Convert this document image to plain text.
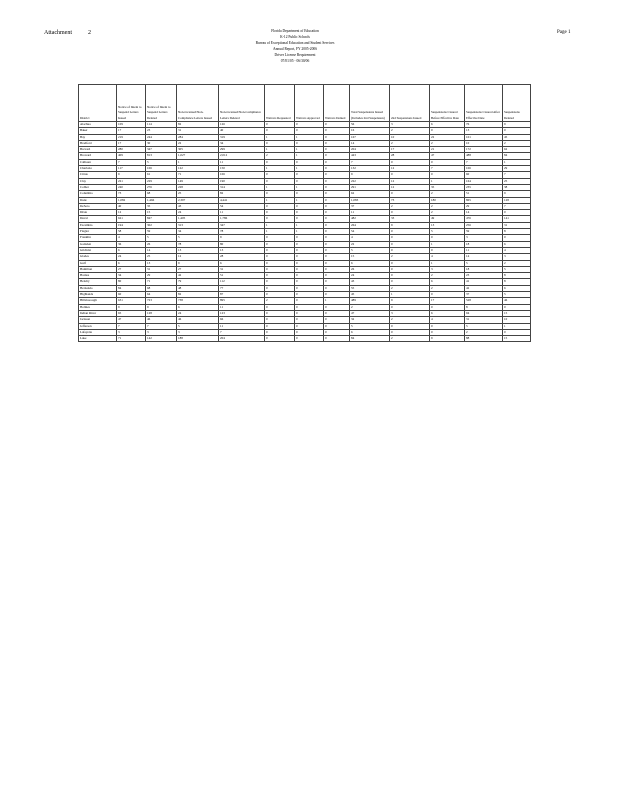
Attachment	2	Page 1
Florida Department of Education
K-12 Public Schools
Bureau of Exceptional Education and Student Services
Annual Report, FY 2005-2006
Driver License Requirement
07/01/05 - 06/30/06
District	Notice of Intent to Suspend Letters Issued	Notice of Intent to Suspend Letters Deleted	Non-Licensed/Non-Compliance Letters Issued	Non-Licensed/Non-Compliance Letters Deleted	Waivers Requested	Waivers Approved	Waivers Denied	Total Suspensions Issued (Includes 2nd Suspension)	2nd Suspensions Issued	Suspensions Cleared Before Effective Date	Suspensions Cleared After Effective Date	Suspensions Deleted
Alachua	109	114	82	126	0	0	0	56	3	6	76	9
Baker	17	23	31	40	0	0	0	16	2	0	13	0
Bay	219	244	284	319	1	1	0	167	10	22	101	45
Bradford	17	30	22	34	0	0	0	14	2	2	10	2
Brevard	280	347	305	299	1	1	0	204	17	21	172	62
Broward	409	813	1,027	2,012	2	1	0	443	28	47	488	84
Calhoun	7	5	1	11	0	0	0	7	0	0	7	1
Charlotte	117	106	122	150	1	1	0	132	12	7	106	29
Citrus	9	61	71	106	0	0	0	9	0	0	60	7
Clay	221	229	149	190	0	0	0	222	12	1	164	25
Collier	240	276	228	314	1	1	0	291	12	35	235	38
Columbia	73	68	25	82	0	0	0	62	0	2	51	9
Dade	1,082	1,466	2,397	4,441	1	1	0	1,083	73	180	865	128
DeSoto	40	35	43	54	0	0	0	37	2	2	29	7
Dixie	12	15	24	11	0	0	0	11	0	2	14	0
Duval	621	847	1,405	1,786	0	0	0	482	33	49	476	141
Escambia	194	302	313	347	1	1	0	264	9	13	256	31
Flagler	58	59	34	78	1	1	0	54	0	5	59	8
Franklin	4	5	5	9	0	0	0	4	0	0	3	0
Gadsden	36	26	78	80	0	0	0	22	0	1	18	6
Gilchrist	6	14	13	13	0	0	0	5	0	0	11	4
Glades	24	25	12	28	0	0	0	15	2	4	14	3
Gulf	6	13	9	6	0	0	0	6	0	1	5	2
Hamilton	27	31	27	31	0	0	0	26	0	3	18	5
Hardee	34	29	42	51	0	0	0	24	0	2	23	8
Hendry	80	71	79	112	0	0	0	43	0	6	41	8
Hernando	84	68	48	77	0	0	0	55	2	2	42	6
Highlands	60	64	82	87	0	0	0	45	1	0	37	5
Hillsborough	631	723	738	895	2	0	1	489	9	17	528	46
Holmes	9	9	6	11	0	0	0	2	0	0	8	0
Indian River	65	128	24	123	0	0	0	47	3	6	94	15
Jackson	47	46	46	66	0	0	0	32	2	4	31	10
Jefferson	7	7	5	11	0	0	0	5	0	0	5	1
Lafayette	3	3	3	7	0	0	0	6	0	0	2	0
Lake	71	142	188	204	0	0	0	84	2	9	88	15
